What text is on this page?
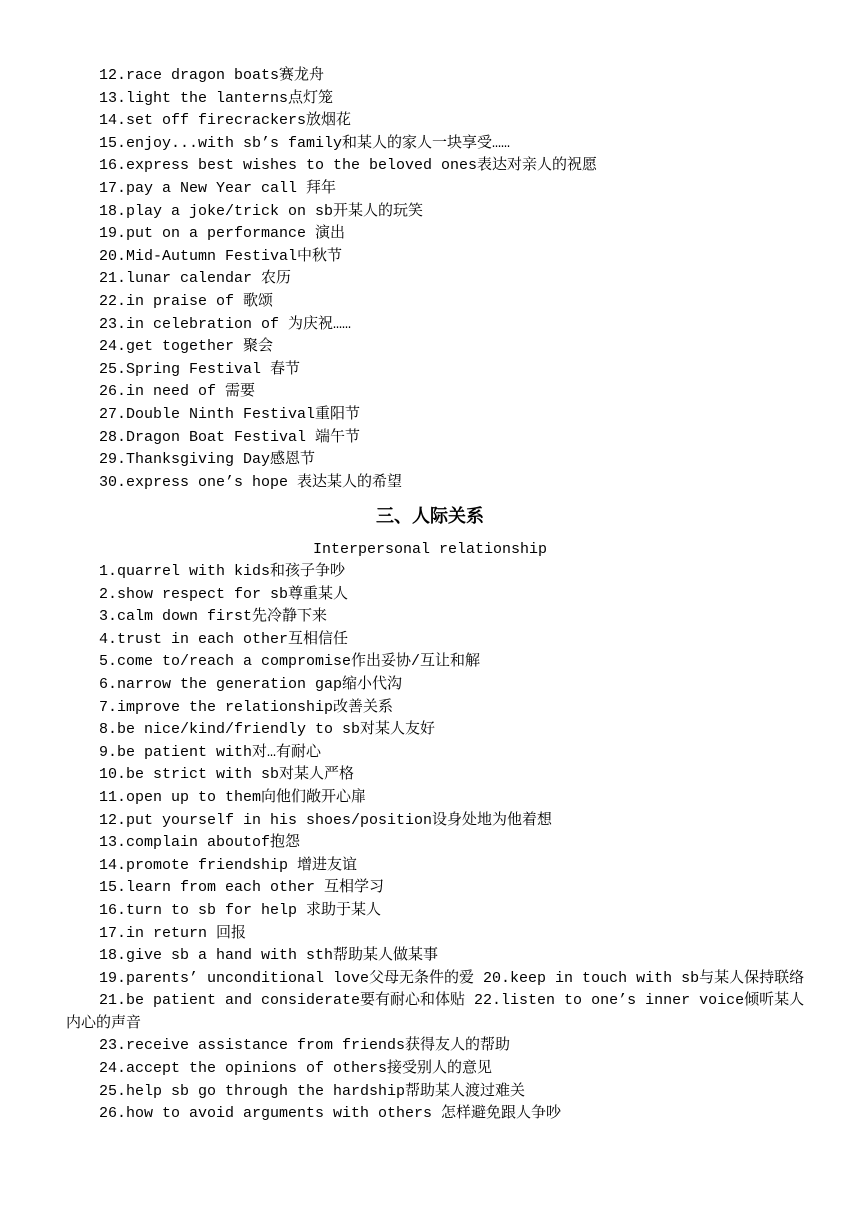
12.race dragon boats赛龙舟
13.light the lanterns点灯笼
14.set off firecrackers放烟花
15.enjoy...with sb’s family和某人的家人一块享受……
16.express best wishes to the beloved ones表达对亲人的祝愿
17.pay a New Year call 拜年
18.play a joke/trick on sb开某人的玩笑
19.put on a performance 演出
20.Mid-Autumn Festival中秋节
21.lunar calendar 农历
22.in praise of 歌颂
23.in celebration of 为庆祝……
24.get together 聚会
25.Spring Festival 春节
26.in need of 需要
27.Double Ninth Festival重阳节
28.Dragon Boat Festival 端午节
29.Thanksgiving Day感恩节
30.express one’s hope 表达某人的希望
三、人际关系
Interpersonal relationship
1.quarrel with kids和孩子争吵
2.show respect for sb尊重某人
3.calm down first先冷静下来
4.trust in each other互相信任
5.come to/reach a compromise作出妥协/互让和解
6.narrow the generation gap缩小代沟
7.improve the relationship改善关系
8.be nice/kind/friendly to sb对某人友好
9.be patient with对…有耐心
10.be strict with sb对某人严格
11.open up to them向他们敞开心扉
12.put yourself in his shoes/position设身处地为他着想
13.complain aboutof抱怨
14.promote friendship 增进友谊
15.learn from each other 互相学习
16.turn to sb for help 求助于某人
17.in return 回报
18.give sb a hand with sth帮助某人做某事
19.parents’ unconditional love父母无条件的爱 20.keep in touch with sb与某人保持联络
21.be patient and considerate要有耐心和体贴 22.listen to one’s inner voice倾听某人内心的声音
23.receive assistance from friends获得友人的帮助
24.accept the opinions of others接受别人的意见
25.help sb go through the hardship帮助某人渡过难关
26.how to avoid arguments with others 怎样避免跟人争吵
